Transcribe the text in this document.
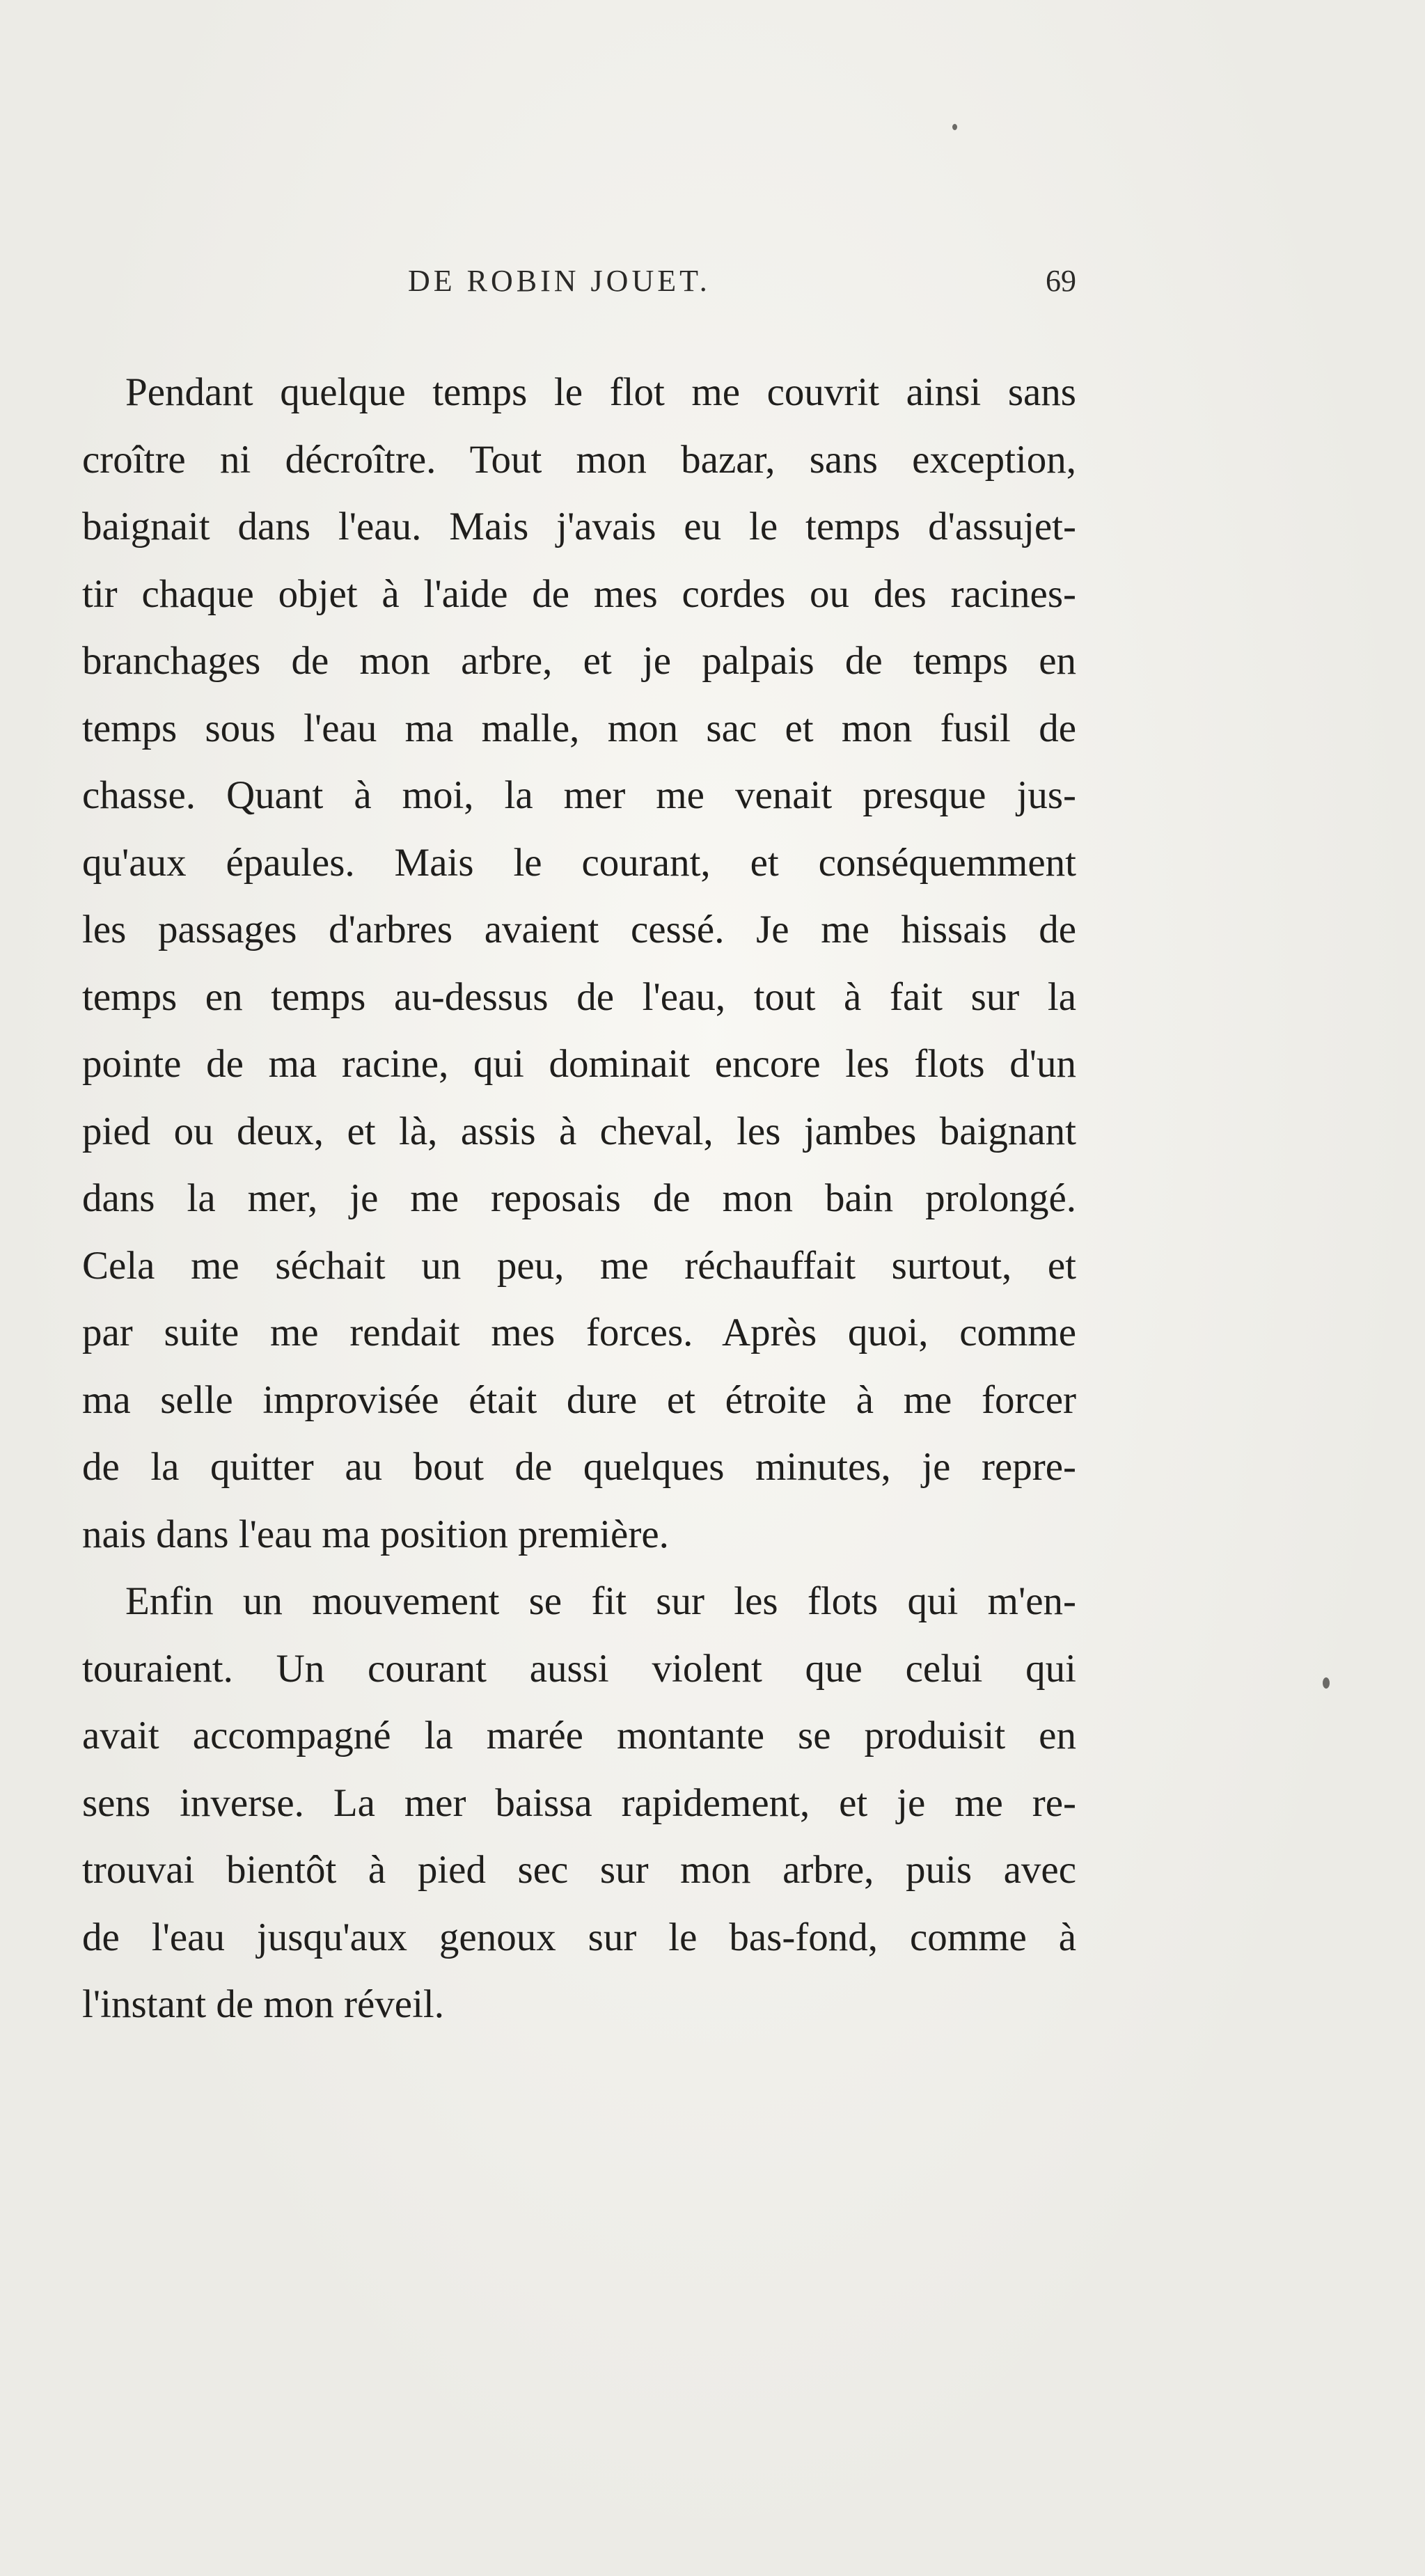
DE ROBIN JOUET.	69
Pendant quelque temps le flot me couvrit ainsi sans
croître ni décroître. Tout mon bazar, sans exception,
baignait dans l'eau. Mais j'avais eu le temps d'assujet-
tir chaque objet à l'aide de mes cordes ou des racines-
branchages de mon arbre, et je palpais de temps en
temps sous l'eau ma malle, mon sac et mon fusil de
chasse. Quant à moi, la mer me venait presque jus-
qu'aux épaules. Mais le courant, et conséquemment
les passages d'arbres avaient cessé. Je me hissais de
temps en temps au-dessus de l'eau, tout à fait sur la
pointe de ma racine, qui dominait encore les flots d'un
pied ou deux, et là, assis à cheval, les jambes baignant
dans la mer, je me reposais de mon bain prolongé.
Cela me séchait un peu, me réchauffait surtout, et
par suite me rendait mes forces. Après quoi, comme
ma selle improvisée était dure et étroite à me forcer
de la quitter au bout de quelques minutes, je repre-
nais dans l'eau ma position première.
Enfin un mouvement se fit sur les flots qui m'en-
touraient. Un courant aussi violent que celui qui
avait accompagné la marée montante se produisit en
sens inverse. La mer baissa rapidement, et je me re-
trouvai bientôt à pied sec sur mon arbre, puis avec
de l'eau jusqu'aux genoux sur le bas-fond, comme à
l'instant de mon réveil.
